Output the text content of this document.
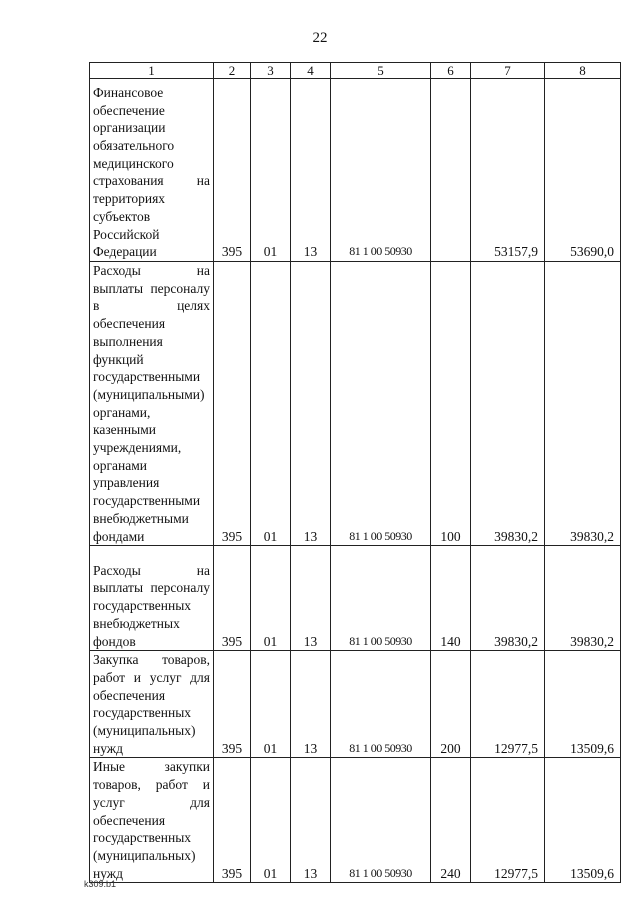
22
1	2	3	4	5	6	7	8

Финансовое обеспечение организации обязательного медицинского страхования на территориях субъектов Российской Федерации	395	01	13	81 1 00 50930		53157,9	53690,0

Расходы на выплаты персоналу в целях обеспечения выполнения функций государственными (муниципальными) органами, казенными учреждениями, органами управления государственными внебюджетными фондами	395	01	13	81 1 00 50930	100	39830,2	39830,2

Расходы на выплаты персоналу государственных внебюджетных фондов	395	01	13	81 1 00 50930	140	39830,2	39830,2

Закупка товаров, работ и услуг для обеспечения государственных (муниципальных) нужд	395	01	13	81 1 00 50930	200	12977,5	13509,6

Иные закупки товаров, работ и услуг для обеспечения государственных (муниципальных) нужд	395	01	13	81 1 00 50930	240	12977,5	13509,6
k309.b1
